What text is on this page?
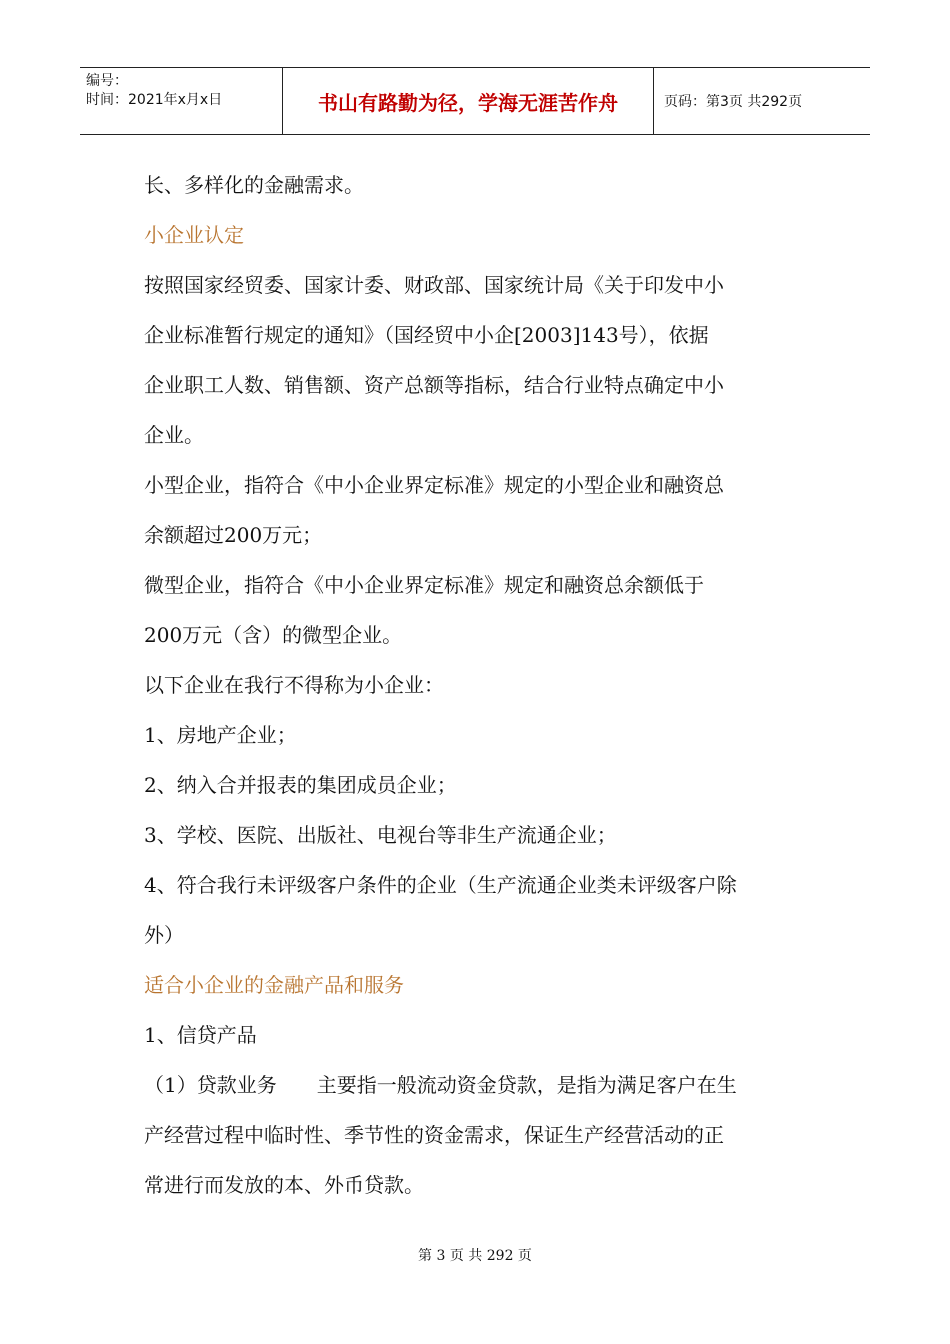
编号：
时间：2021年x月x日	书山有路勤为径，学海无涯苦作舟	页码：第3页 共292页

长、多样化的金融需求。

小企业认定

按照国家经贸委、国家计委、财政部、国家统计局《关于印发中小

企业标准暂行规定的通知》（国经贸中小企[2003]143号），依据

企业职工人数、销售额、资产总额等指标，结合行业特点确定中小

企业。

小型企业，指符合《中小企业界定标准》规定的小型企业和融资总

余额超过200万元；

微型企业，指符合《中小企业界定标准》规定和融资总余额低于

200万元（含）的微型企业。

以下企业在我行不得称为小企业：

1、房地产企业；

2、纳入合并报表的集团成员企业；

3、学校、医院、出版社、电视台等非生产流通企业；

4、符合我行未评级客户条件的企业（生产流通企业类未评级客户除

外）

适合小企业的金融产品和服务

1、信贷产品

（1）贷款业务　　主要指一般流动资金贷款，是指为满足客户在生

产经营过程中临时性、季节性的资金需求，保证生产经营活动的正

常进行而发放的本、外币贷款。

第 3 页 共 292 页
